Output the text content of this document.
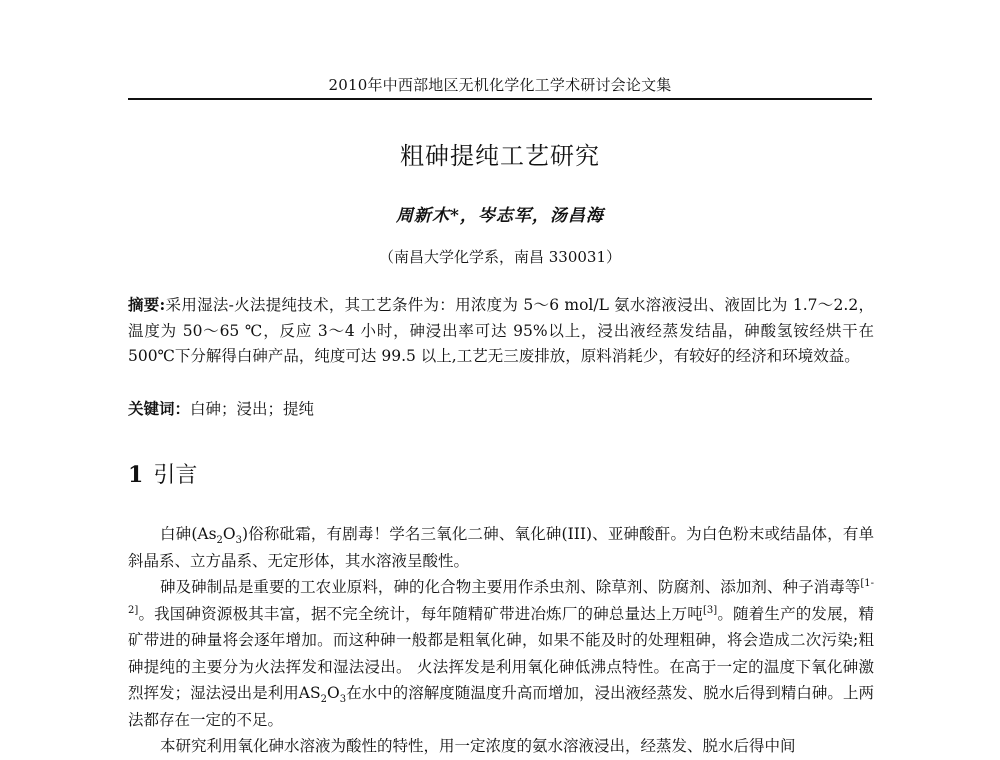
2010年中西部地区无机化学化工学术研讨会论文集
粗砷提纯工艺研究
周新木*，岑志军，汤昌海
（南昌大学化学系，南昌 330031）
摘要:采用湿法-火法提纯技术，其工艺条件为：用浓度为 5～6 mol/L 氨水溶液浸出、液固比为 1.7～2.2，温度为 50～65 ℃，反应 3～4 小时，砷浸出率可达 95%以上，浸出液经蒸发结晶，砷酸氢铵经烘干在 500℃下分解得白砷产品，纯度可达 99.5 以上,工艺无三废排放，原料消耗少，有较好的经济和环境效益。
关键词：白砷；浸出；提纯
1 引言

白砷$(As_2O_3)$俗称砒霜，有剧毒！学名三氧化二砷、氧化砷(III)、亚砷酸酐。为白色粉末或结晶体，有单斜晶系、立方晶系、无定形体，其水溶液呈酸性。

砷及砷制品是重要的工农业原料，砷的化合物主要用作杀虫剂、除草剂、防腐剂、添加剂、种子消毒等[1-2]。我国砷资源极其丰富，据不完全统计，每年随精矿带进冶炼厂的砷总量达上万吨[3]。随着生产的发展，精矿带进的砷量将会逐年增加。而这种砷一般都是粗氧化砷，如果不能及时的处理粗砷，将会造成二次污染;粗砷提纯的主要分为火法挥发和湿法浸出。 火法挥发是利用氧化砷低沸点特性。在高于一定的温度下氧化砷激烈挥发；湿法浸出是利用$AS_2O_3$在水中的溶解度随温度升高而增加，浸出液经蒸发、脱水后得到精白砷。上两法都存在一定的不足。

本研究利用氧化砷水溶液为酸性的特性，用一定浓度的氨水溶液浸出，经蒸发、脱水后得中间
